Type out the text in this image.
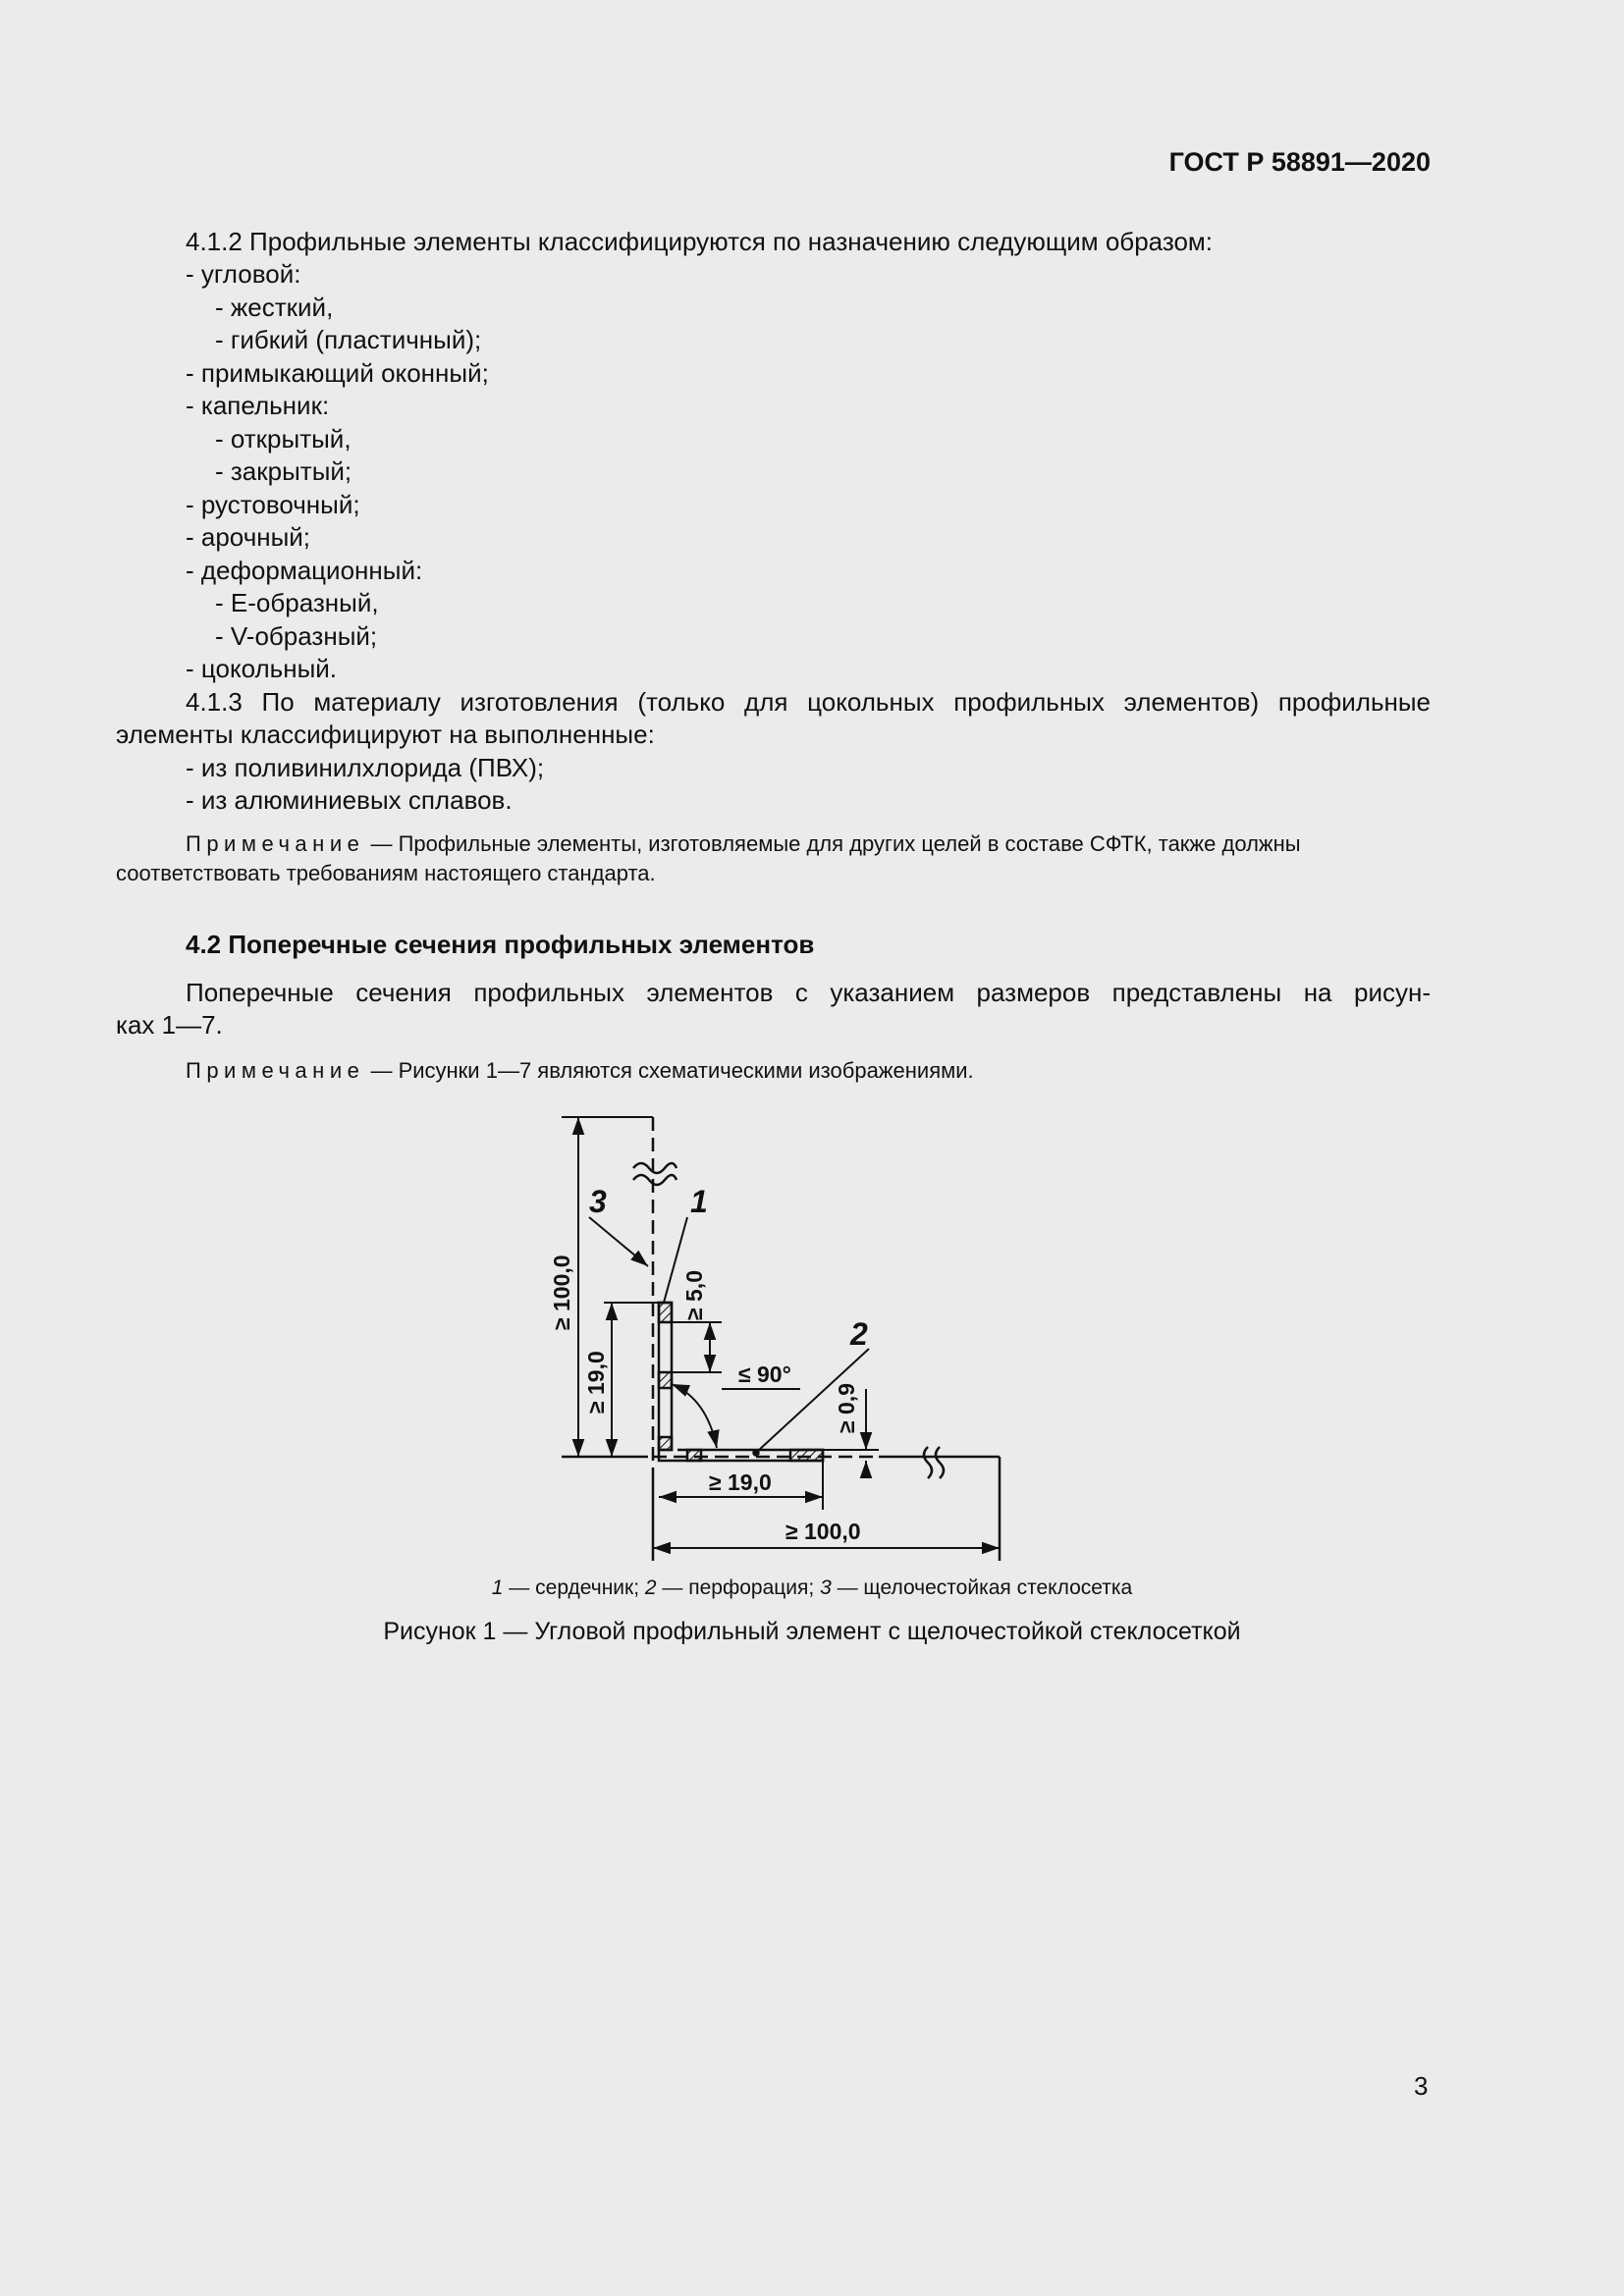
ГОСТ Р 58891—2020
4.1.2 Профильные элементы классифицируются по назначению следующим образом:
- угловой:
- жесткий,
- гибкий (пластичный);
- примыкающий оконный;
- капельник:
- открытый,
- закрытый;
- рустовочный;
- арочный;
- деформационный:
- Е-образный,
- V-образный;
- цокольный.
4.1.3 По материалу изготовления (только для цокольных профильных элементов) профильные
элементы классифицируют на выполненные:
- из поливинилхлорида (ПВХ);
- из алюминиевых сплавов.
Примечание — Профильные элементы, изготовляемые для других целей в составе СФТК, также должны
соответствовать требованиям настоящего стандарта.
4.2 Поперечные сечения профильных элементов
Поперечные сечения профильных элементов с указанием размеров представлены на рисун-
ках 1—7.
Примечание — Рисунки 1—7 являются схематическими изображениями.
≥ 100,0
≥ 19,0
≥ 5,0
≤ 90°
≥ 0,9
≥ 19,0
≥ 100,0
3	1
2
1 — сердечник; 2 — перфорация; 3 — щелочестойкая стеклосетка
Рисунок 1 — Угловой профильный элемент с щелочестойкой стеклосеткой
3
